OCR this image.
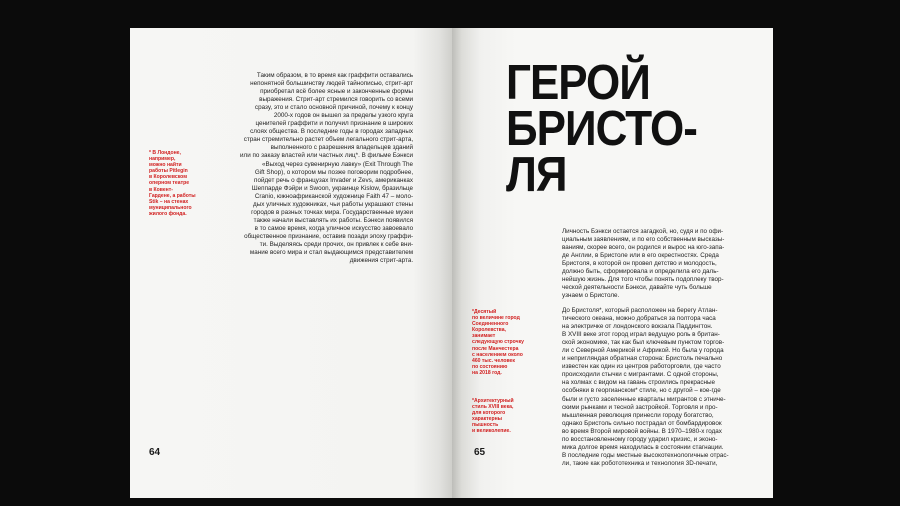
Таким образом, в то время как граффити оставались
непонятной большинству людей тайнописью, стрит-арт
приобретал всё более ясные и законченные формы
выражения. Стрит-арт стремился говорить со всеми
сразу, это и стало основной причиной, почему к концу
2000-х годов он вышел за пределы узкого круга
ценителей граффити и получил признание в широких
слоях общества. В последние годы в городах западных
стран стремительно растет объем легального стрит-арта,
выполненного с разрешения владельцев зданий
или по заказу властей или частных лиц*. В фильме Бэнкси
«Выход через сувенирную лавку» (Exit Through The
Gift Shop), о котором мы позже поговорим подробнее,
пойдет речь о французах Invader и Zevs, американках
Шеппарде Фэйри и Swoon, украинце Kislow, бразильце
Cranio, южноафриканской художнице Faith 47 – моло-
дых уличных художниках, чьи работы украшают стены
городов в разных точках мира. Государственные музеи
также начали выставлять их работы. Бэнкси появился
в то самое время, когда уличное искусство завоевало
общественное признание, оставив позади эпоху граффи-
ти. Выделяясь среди прочих, он привлек к себе вни-
мание всего мира и стал выдающимся представителем
движения стрит-арта.
* В Лондоне,
например,
можно найти
работы Pitlegin
в Королевском
оперном театре
в Ковент-
Гардене, а работы
Stik – на стенах
муниципального
жилого фонда.
64
ГЕРОЙ
БРИСТО-
ЛЯ
Личность Бэнкси остается загадкой, но, судя и по офи-
циальным заявлениям, и по его собственным высказы-
ваниям, скорее всего, он родился и вырос на юго-запа-
де Англии, в Бристоле или в его окрестностях. Среда
Бристоля, в которой он провел детство и молодость,
должно быть, сформировала и определила его даль-
нейшую жизнь. Для того чтобы понять подоплеку твор-
ческой деятельности Бэнкси, давайте чуть больше
узнаем о Бристоле.
До Бристоля*, который расположен на берегу Атлан-
тического океана, можно добраться за полтора часа
на электричке от лондонского вокзала Паддингтон.
В XVIII веке этот город играл ведущую роль в британ-
ской экономике, так как был ключевым пунктом торгов-
ли с Северной Америкой и Африкой. Но была у города
и непригляндая обратная сторона: Бристоль печально
известен как один из центров работорговли, где часто
происходили стычки с мигрантами. С одной стороны,
на холмах с видом на гавань строились прекрасные
особняки в георгианском* стиле, но с другой – кое-где
были и густо заселенные кварталы мигрантов с этниче-
скими рынками и тесной застройкой. Торговля и про-
мышленная революция принесли городу богатство,
однако Бристоль сильно пострадал от бомбардировок
во время Второй мировой войны. В 1970–1980-х годах
по восстановленному городу ударил кризис, и эконо-
мика долгое время находилась в состоянии стагнации.
В последние годы местные высокотехнологичные отрас-
ли, такие как робототехника и технология 3D-печати,
*Десятый
по величине город
Соединенного
Королевства,
занимает
следующую строчку
после Манчестера
с населением около
460 тыс. человек
по состоянию
на 2018 год.
*Архитектурный
стиль XVIII века,
для которого
характерны
пышность
и великолепие.
65
